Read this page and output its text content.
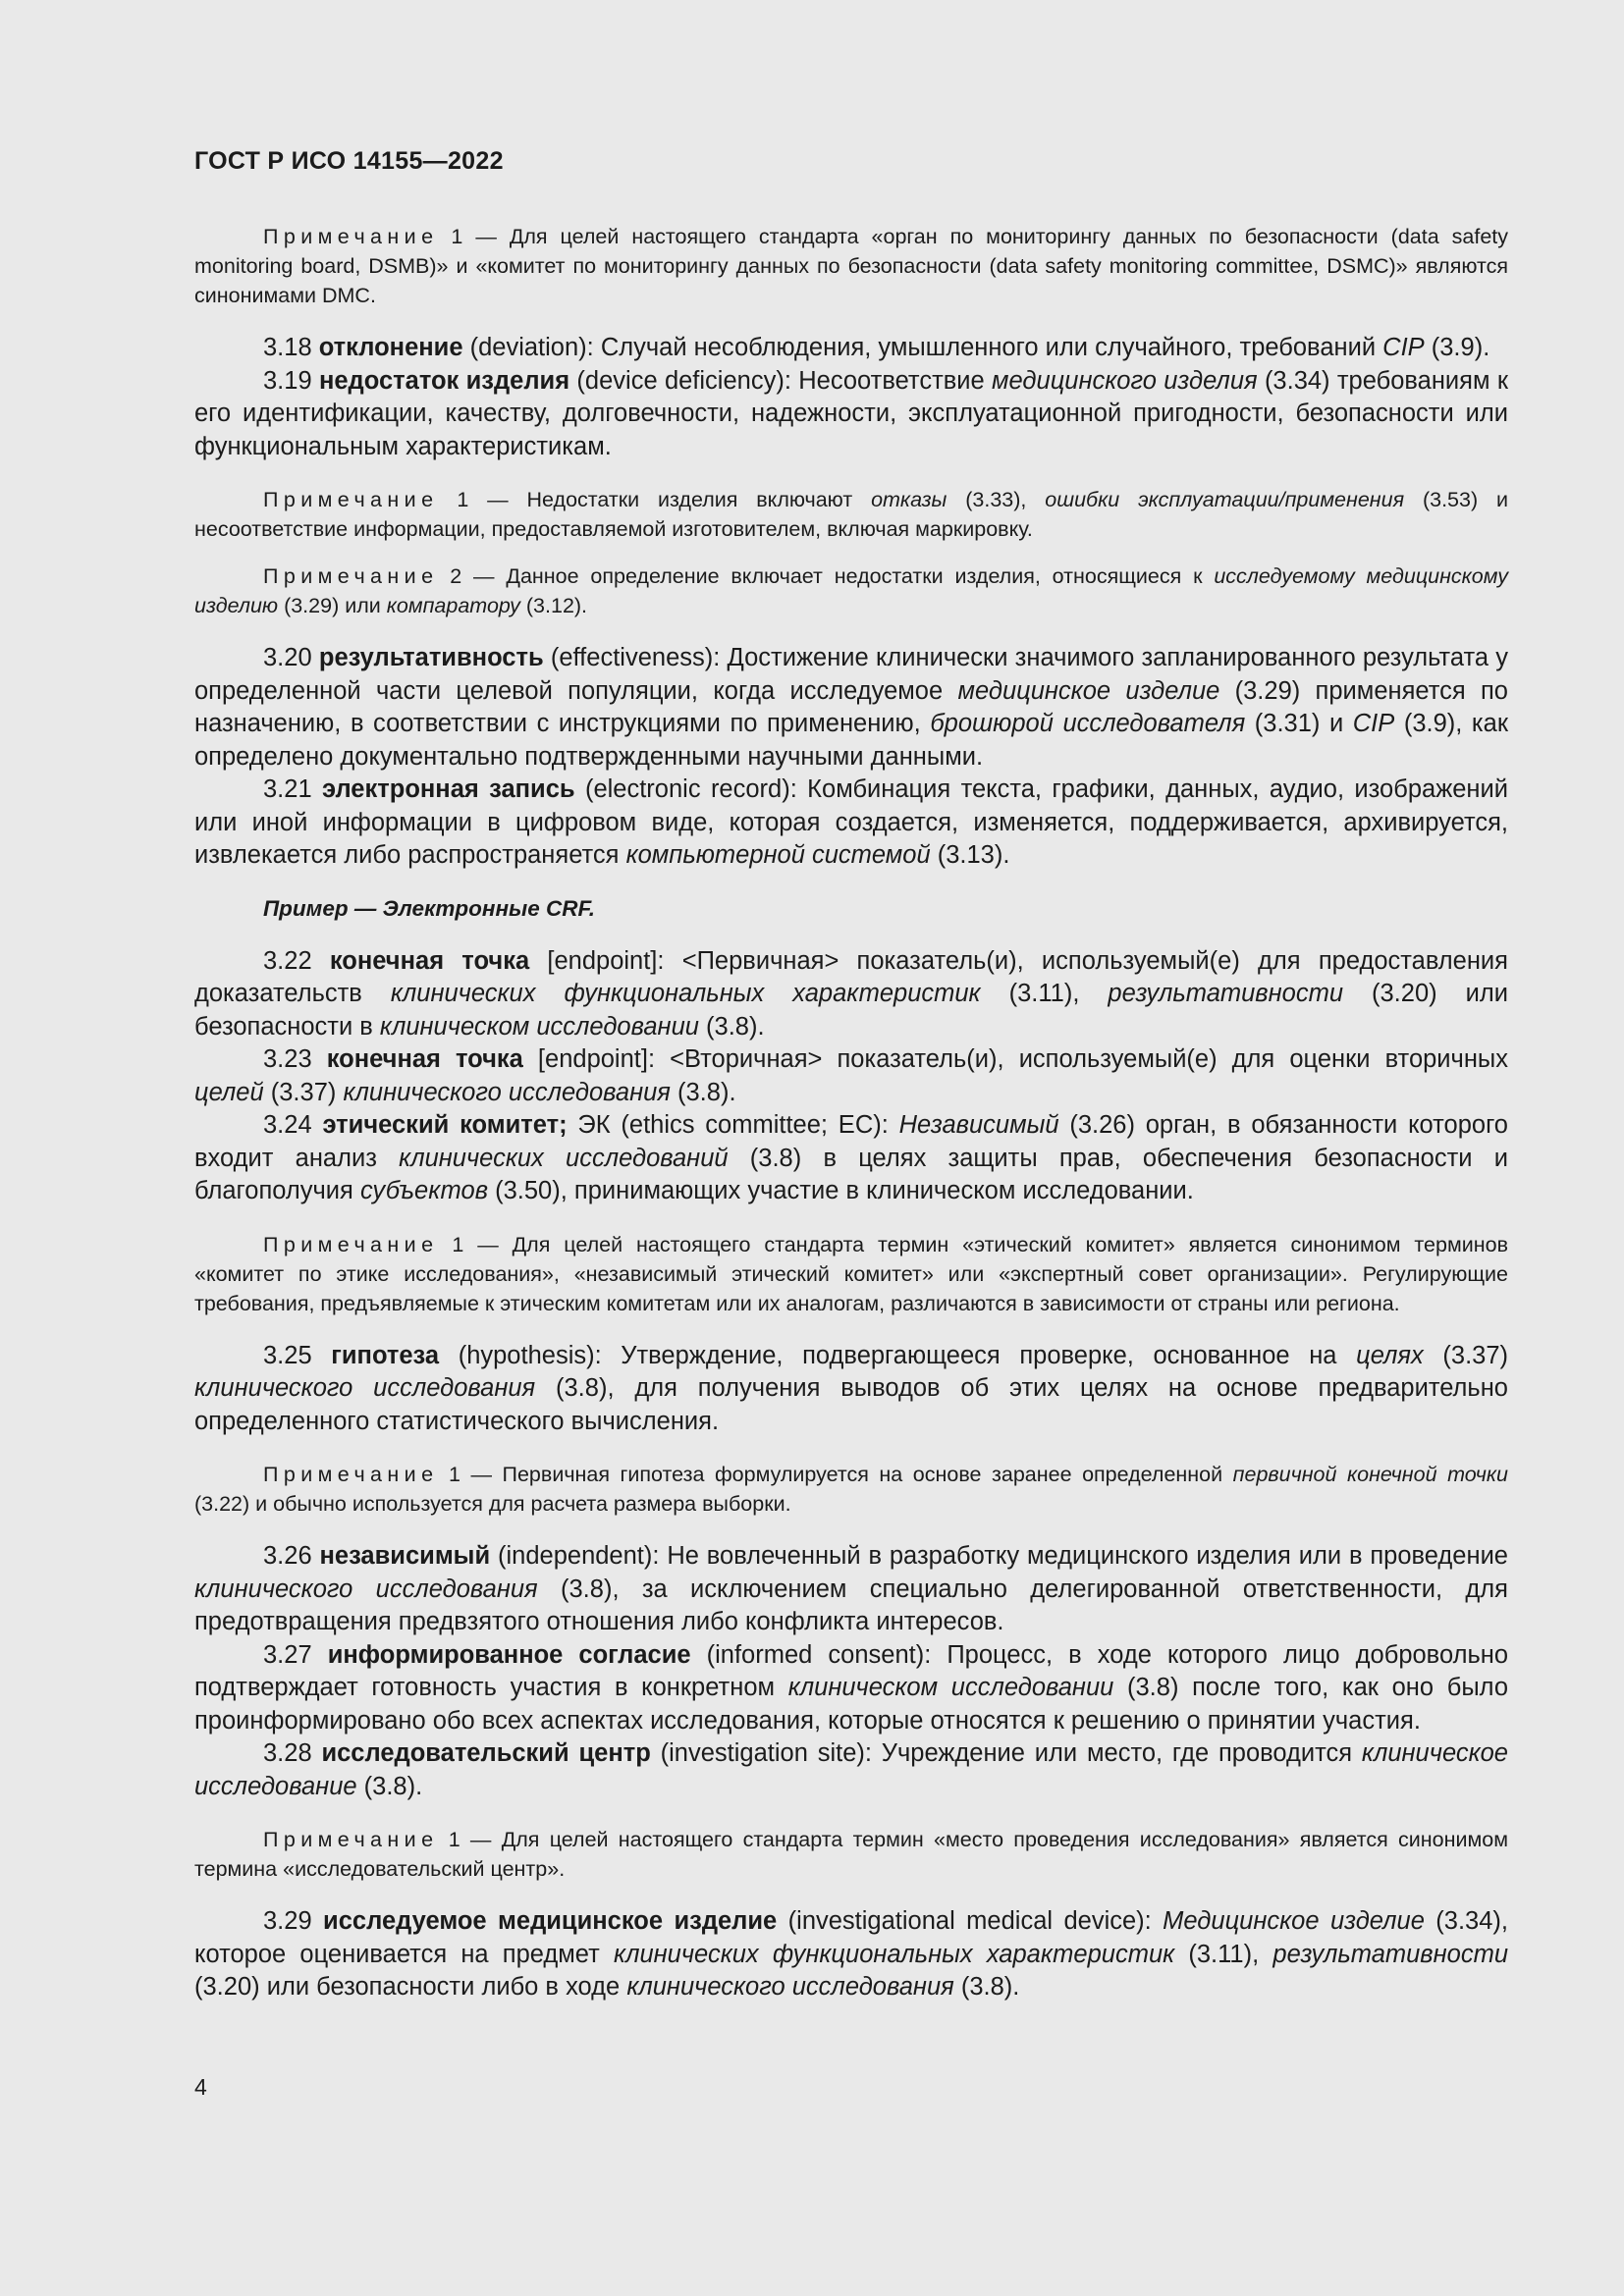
ГОСТ Р ИСО 14155—2022

Примечание 1 — Для целей настоящего стандарта «орган по мониторингу данных по безопасности (data safety monitoring board, DSMB)» и «комитет по мониторингу данных по безопасности (data safety monitoring committee, DSMC)» являются синонимами DMC.

3.18 отклонение (deviation): Случай несоблюдения, умышленного или случайного, требований CIP (3.9).

3.19 недостаток изделия (device deficiency): Несоответствие медицинского изделия (3.34) требованиям к его идентификации, качеству, долговечности, надежности, эксплуатационной пригодности, безопасности или функциональным характеристикам.

Примечание 1 — Недостатки изделия включают отказы (3.33), ошибки эксплуатации/применения (3.53) и несоответствие информации, предоставляемой изготовителем, включая маркировку.

Примечание 2 — Данное определение включает недостатки изделия, относящиеся к исследуемому медицинскому изделию (3.29) или компаратору (3.12).

3.20 результативность (effectiveness): Достижение клинически значимого запланированного результата у определенной части целевой популяции, когда исследуемое медицинское изделие (3.29) применяется по назначению, в соответствии с инструкциями по применению, брошюрой исследователя (3.31) и CIP (3.9), как определено документально подтвержденными научными данными.

3.21 электронная запись (electronic record): Комбинация текста, графики, данных, аудио, изображений или иной информации в цифровом виде, которая создается, изменяется, поддерживается, архивируется, извлекается либо распространяется компьютерной системой (3.13).

Пример — Электронные CRF.

3.22 конечная точка [endpoint]: <Первичная> показатель(и), используемый(е) для предоставления доказательств клинических функциональных характеристик (3.11), результативности (3.20) или безопасности в клиническом исследовании (3.8).

3.23 конечная точка [endpoint]: <Вторичная> показатель(и), используемый(е) для оценки вторичных целей (3.37) клинического исследования (3.8).

3.24 этический комитет; ЭК (ethics committee; EC): Независимый (3.26) орган, в обязанности которого входит анализ клинических исследований (3.8) в целях защиты прав, обеспечения безопасности и благополучия субъектов (3.50), принимающих участие в клиническом исследовании.

Примечание 1 — Для целей настоящего стандарта термин «этический комитет» является синонимом терминов «комитет по этике исследования», «независимый этический комитет» или «экспертный совет организации». Регулирующие требования, предъявляемые к этическим комитетам или их аналогам, различаются в зависимости от страны или региона.

3.25 гипотеза (hypothesis): Утверждение, подвергающееся проверке, основанное на целях (3.37) клинического исследования (3.8), для получения выводов об этих целях на основе предварительно определенного статистического вычисления.

Примечание 1 — Первичная гипотеза формулируется на основе заранее определенной первичной конечной точки (3.22) и обычно используется для расчета размера выборки.

3.26 независимый (independent): Не вовлеченный в разработку медицинского изделия или в проведение клинического исследования (3.8), за исключением специально делегированной ответственности, для предотвращения предвзятого отношения либо конфликта интересов.

3.27 информированное согласие (informed consent): Процесс, в ходе которого лицо добровольно подтверждает готовность участия в конкретном клиническом исследовании (3.8) после того, как оно было проинформировано обо всех аспектах исследования, которые относятся к решению о принятии участия.

3.28 исследовательский центр (investigation site): Учреждение или место, где проводится клиническое исследование (3.8).

Примечание 1 — Для целей настоящего стандарта термин «место проведения исследования» является синонимом термина «исследовательский центр».

3.29 исследуемое медицинское изделие (investigational medical device): Медицинское изделие (3.34), которое оценивается на предмет клинических функциональных характеристик (3.11), результативности (3.20) или безопасности либо в ходе клинического исследования (3.8).

4
